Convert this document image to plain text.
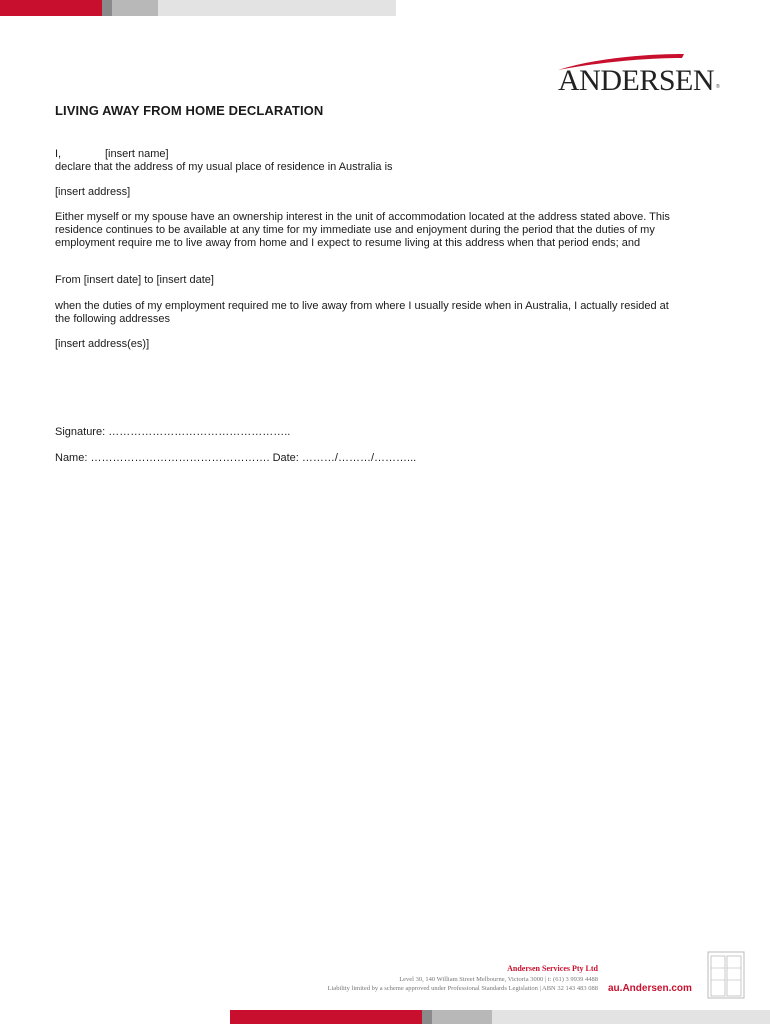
ANDERSEN ®
LIVING AWAY FROM HOME DECLARATION

I,	[insert name]

declare that the address of my usual place of residence in Australia is

[insert address]

Either myself or my spouse have an ownership interest in the unit of accommodation located at the address stated above. This residence continues to be available at any time for my immediate use and enjoyment during the period that the duties of my employment require me to live away from home and I expect to resume living at this address when that period ends; and

From [insert date] to [insert date]

when the duties of my employment required me to live away from where I usually reside when in Australia, I actually resided at the following addresses

[insert address(es)]

Signature: …………………………………………..

Name: …………………………………………. Date: ………/………/………...

Andersen Services Pty Ltd
Level 30, 140 William Street Melbourne, Victoria 3000 | t: (61) 3 9939 4488
Liability limited by a scheme approved under Professional Standards Legislation | ABN 32 143 483 088 au.Andersen.com
